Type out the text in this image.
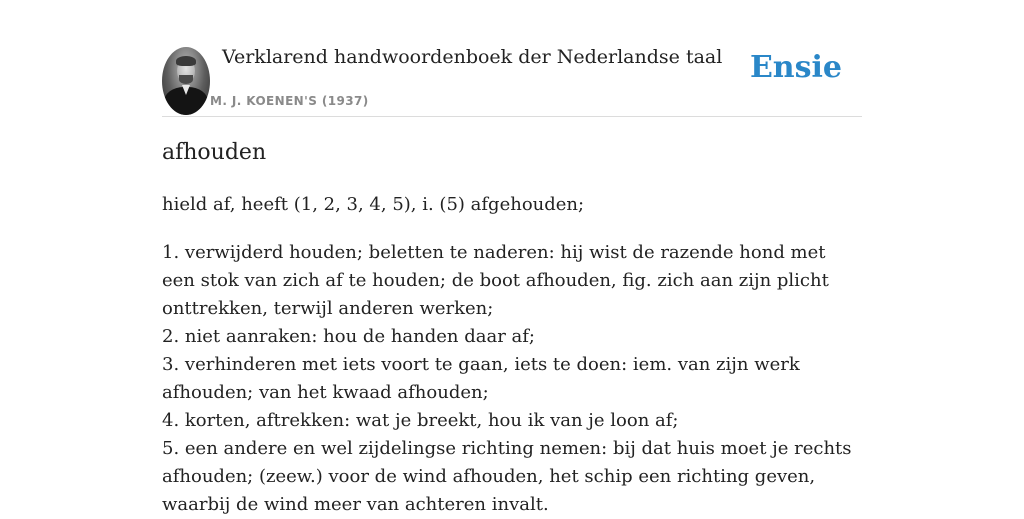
Verklarend handwoordenboek der Nederlandse taal
M. J. KOENEN'S (1937)
Ensie
afhouden
hield af, heeft (1, 2, 3, 4, 5), i. (5) afgehouden;
1. verwijderd houden; beletten te naderen: hij wist de razende hond met een stok van zich af te houden; de boot afhouden, fig. zich aan zijn plicht onttrekken, terwijl anderen werken;
2. niet aanraken: hou de handen daar af;
3. verhinderen met iets voort te gaan, iets te doen: iem. van zijn werk afhouden; van het kwaad afhouden;
4. korten, aftrekken: wat je breekt, hou ik van je loon af;
5. een andere en wel zijdelingse richting nemen: bij dat huis moet je rechts afhouden; (zeew.) voor de wind afhouden, het schip een richting geven, waarbij de wind meer van achteren invalt.
